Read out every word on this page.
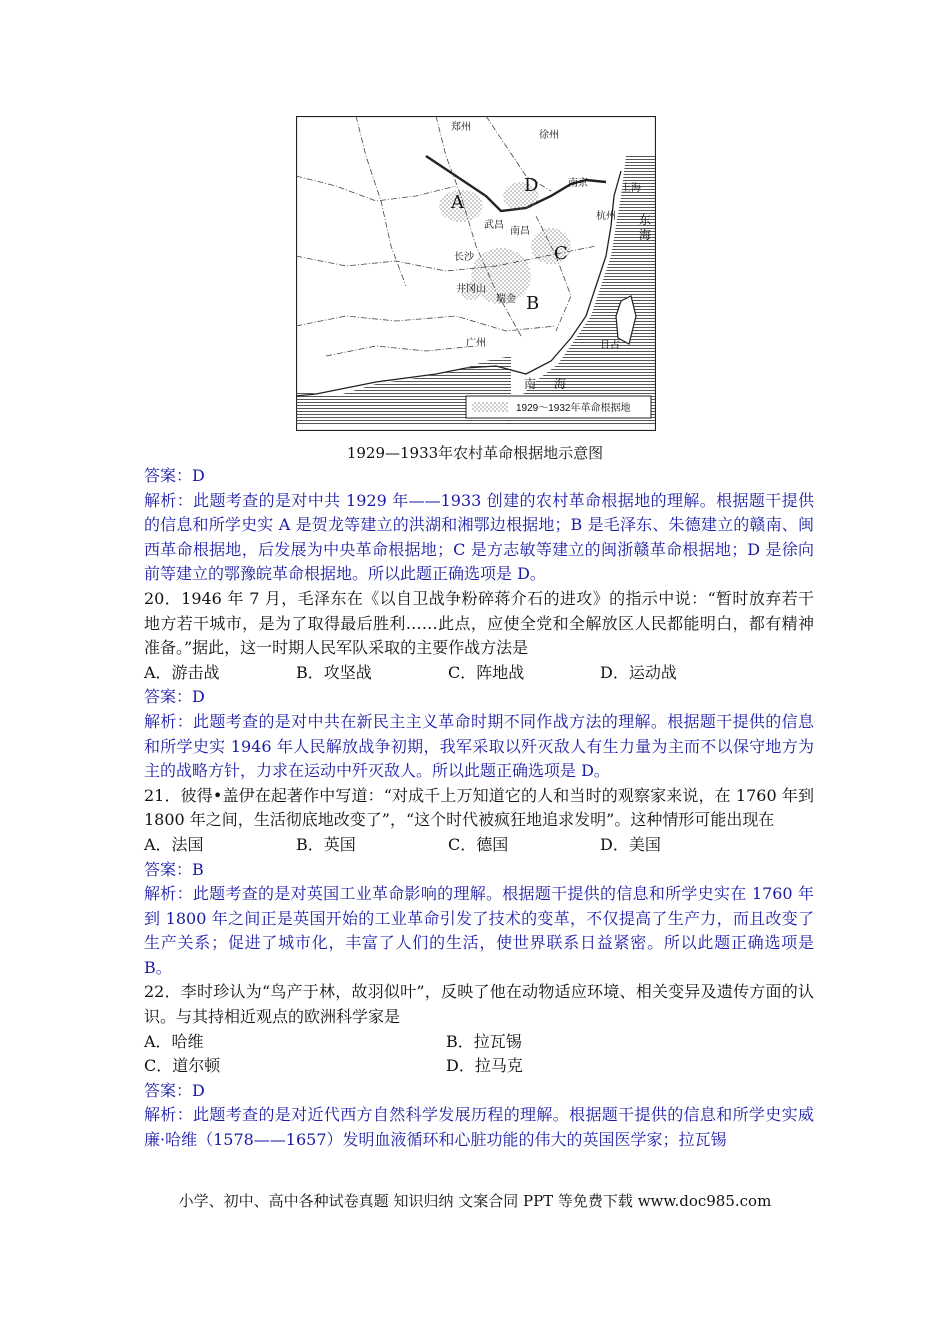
郑州
徐州
南京	上海
武昌
杭州
南昌
长沙
井冈山
瑞金
广州	日占
东
海
南 海
A
D
C
B
1929～1932年革命根据地
1929—1933年农村革命根据地示意图
答案：D
解析：此题考查的是对中共 1929 年——1933 创建的农村革命根据地的理解。根据题干提供的信息和所学史实 A 是贺龙等建立的洪湖和湘鄂边根据地；B 是毛泽东、朱德建立的赣南、闽西革命根据地，后发展为中央革命根据地；C 是方志敏等建立的闽浙赣革命根据地；D 是徐向前等建立的鄂豫皖革命根据地。所以此题正确选项是 D。
20．1946 年 7 月，毛泽东在《以自卫战争粉碎蒋介石的进攻》的指示中说：“暂时放弃若干地方若干城市，是为了取得最后胜利……此点，应使全党和全解放区人民都能明白，都有精神准备。”据此，这一时期人民军队采取的主要作战方法是
A．游击战	B．攻坚战	C．阵地战	D．运动战
答案：D
解析：此题考查的是对中共在新民主主义革命时期不同作战方法的理解。根据题干提供的信息和所学史实 1946 年人民解放战争初期，我军采取以歼灭敌人有生力量为主而不以保守地方为主的战略方针，力求在运动中歼灭敌人。所以此题正确选项是 D。
21．彼得•盖伊在起著作中写道：“对成千上万知道它的人和当时的观察家来说，在 1760 年到 1800 年之间，生活彻底地改变了”，“这个时代被疯狂地追求发明”。这种情形可能出现在
A．法国	B．英国	C．德国	D．美国
答案：B
解析：此题考查的是对英国工业革命影响的理解。根据题干提供的信息和所学史实在 1760 年到 1800 年之间正是英国开始的工业革命引发了技术的变革，不仅提高了生产力，而且改变了生产关系；促进了城市化，丰富了人们的生活，使世界联系日益紧密。所以此题正确选项是 B。
22．李时珍认为“鸟产于林，故羽似叶”，反映了他在动物适应环境、相关变异及遗传方面的认识。与其持相近观点的欧洲科学家是
A．哈维	B．拉瓦锡
C．道尔顿	D．拉马克
答案：D
解析：此题考查的是对近代西方自然科学发展历程的理解。根据题干提供的信息和所学史实威廉·哈维（1578——1657）发明血液循环和心脏功能的伟大的英国医学家；拉瓦锡
小学、初中、高中各种试卷真题 知识归纳 文案合同 PPT 等免费下载 www.doc985.com
